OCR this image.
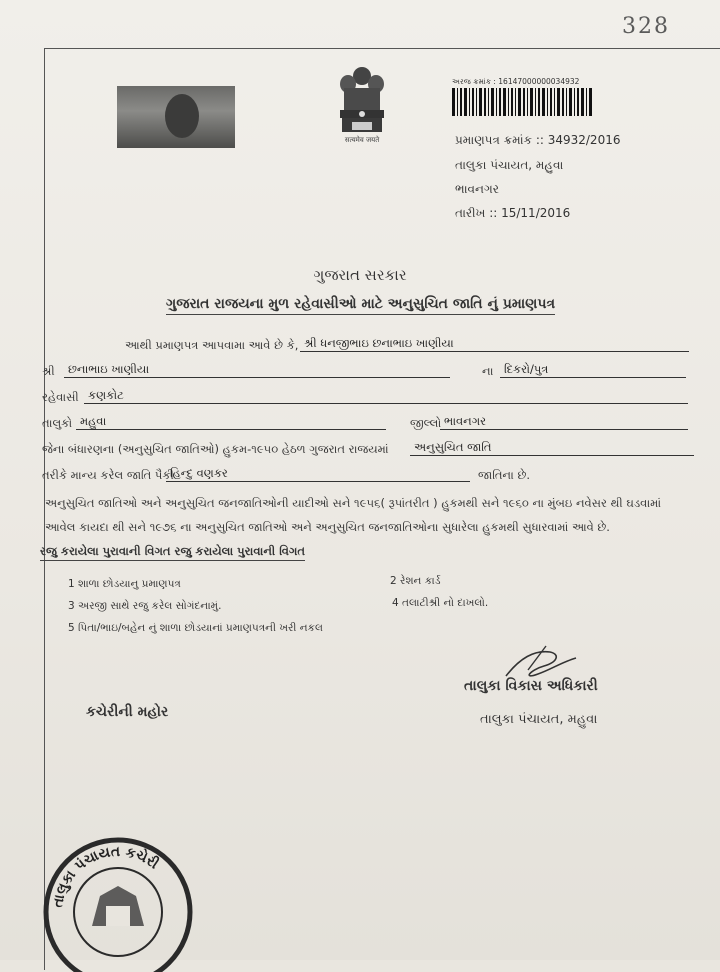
328
सत्यमेव जयते
અરજ ક્રમાંક : 16147000000034932
પ્રમાણપત્ર ક્રમાંક :: 34932/2016
તાલુકા પંચાયત, મહુવા
ભાવનગર
તારીખ :: 15/11/2016
ગુજરાત સરકાર
ગુજરાત રાજયના મુળ રહેવાસીઓ માટે અનુસુચિત જાતિ નું પ્રમાણપત્ર
આથી પ્રમાણપત્ર આપવામા આવે છે કે, શ્રી ધનજીભાઇ છનાભાઇ ખાણીયા
શ્રી	છનાભાઇ ખાણીયા	ના દિકરો/પુત્ર
રહેવાસી કણકોટ
તાલુકો મહુવા	જીલ્લો ભાવનગર
જેના બંધારણના (અનુસુચિત જાતિઓ) હુકમ-૧૯૫૦ હેઠળ ગુજરાત રાજયમાં	અનુસુચિત જાતિ
તરીકે માન્ય કરેલ જાતિ પૈકી
હિન્દુ વણકર	જાતિના છે.
અનુસુચિત જાતિઓ અને અનુસુચિત જનજાતિઓની યાદીઓ સને ૧૯૫૬( રૂપાંતરીત ) હુકમથી સને ૧૯૬૦ ના મુંબઇ નવેસર થી ઘડવામાં
આવેલ કાયદા થી સને ૧૯૭૬ ના અનુસુચિત જાતિઓ અને અનુસુચિત જનજાતિઓના સુધારેલા હુકમથી સુધારવામાં આવે છે.
રજુ કરાયેલા પુરાવાની વિગત રજુ કરાયેલા પુરાવાની વિગત
1 શાળા છોડયાનુ પ્રમાણપત્ર	2 રેશન કાર્ડ
3 અરજી સાથે રજુ કરેલ સોગંદનામું.	4 તલાટીશ્રી નો દાખલો.
5 પિતા/ભાઇ/બહેન નું શાળા છોડયાનાં પ્રમાણપત્રની ખરી નકલ
તાલુકા વિકાસ અધિકારી
તાલુકા પંચાયત, મહુવા
કચેરીની મહોર
તાલુકા પંચાયત કચેરી
